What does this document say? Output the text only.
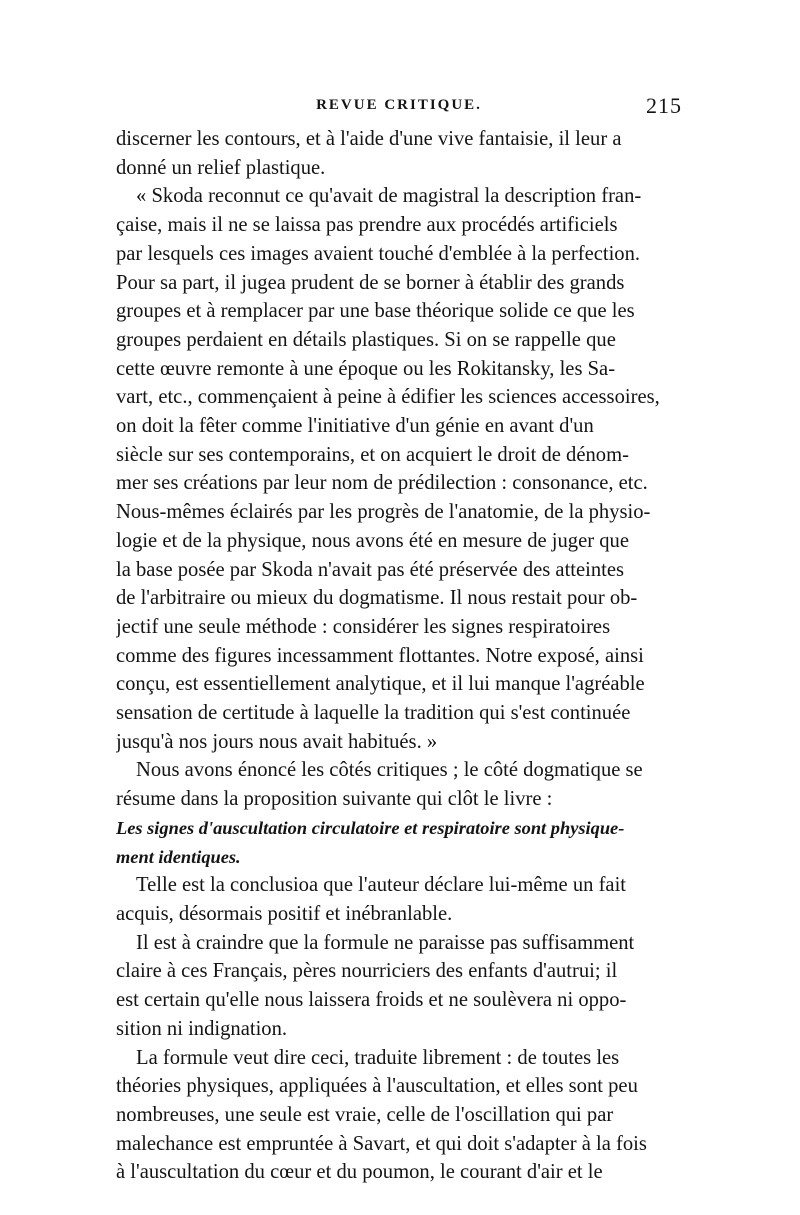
REVUE CRITIQUE.	215
discerner les contours, et à l'aide d'une vive fantaisie, il leur a
donné un relief plastique.
« Skoda reconnut ce qu'avait de magistral la description fran-
çaise, mais il ne se laissa pas prendre aux procédés artificiels
par lesquels ces images avaient touché d'emblée à la perfection.
Pour sa part, il jugea prudent de se borner à établir des grands
groupes et à remplacer par une base théorique solide ce que les
groupes perdaient en détails plastiques. Si on se rappelle que
cette œuvre remonte à une époque ou les Rokitansky, les Sa-
vart, etc., commençaient à peine à édifier les sciences accessoires,
on doit la fêter comme l'initiative d'un génie en avant d'un
siècle sur ses contemporains, et on acquiert le droit de dénom-
mer ses créations par leur nom de prédilection : consonance, etc.
Nous-mêmes éclairés par les progrès de l'anatomie, de la physio-
logie et de la physique, nous avons été en mesure de juger que
la base posée par Skoda n'avait pas été préservée des atteintes
de l'arbitraire ou mieux du dogmatisme. Il nous restait pour ob-
jectif une seule méthode : considérer les signes respiratoires
comme des figures incessamment flottantes. Notre exposé, ainsi
conçu, est essentiellement analytique, et il lui manque l'agréable
sensation de certitude à laquelle la tradition qui s'est continuée
jusqu'à nos jours nous avait habitués. »
Nous avons énoncé les côtés critiques ; le côté dogmatique se
résume dans la proposition suivante qui clôt le livre :
Les signes d'auscultation circulatoire et respiratoire sont physique-
ment identiques.
Telle est la conclusioa que l'auteur déclare lui-même un fait
acquis, désormais positif et inébranlable.
Il est à craindre que la formule ne paraisse pas suffisamment
claire à ces Français, pères nourriciers des enfants d'autrui; il
est certain qu'elle nous laissera froids et ne soulèvera ni oppo-
sition ni indignation.
La formule veut dire ceci, traduite librement : de toutes les
théories physiques, appliquées à l'auscultation, et elles sont peu
nombreuses, une seule est vraie, celle de l'oscillation qui par
malechance est empruntée à Savart, et qui doit s'adapter à la fois
à l'auscultation du cœur et du poumon, le courant d'air et le
